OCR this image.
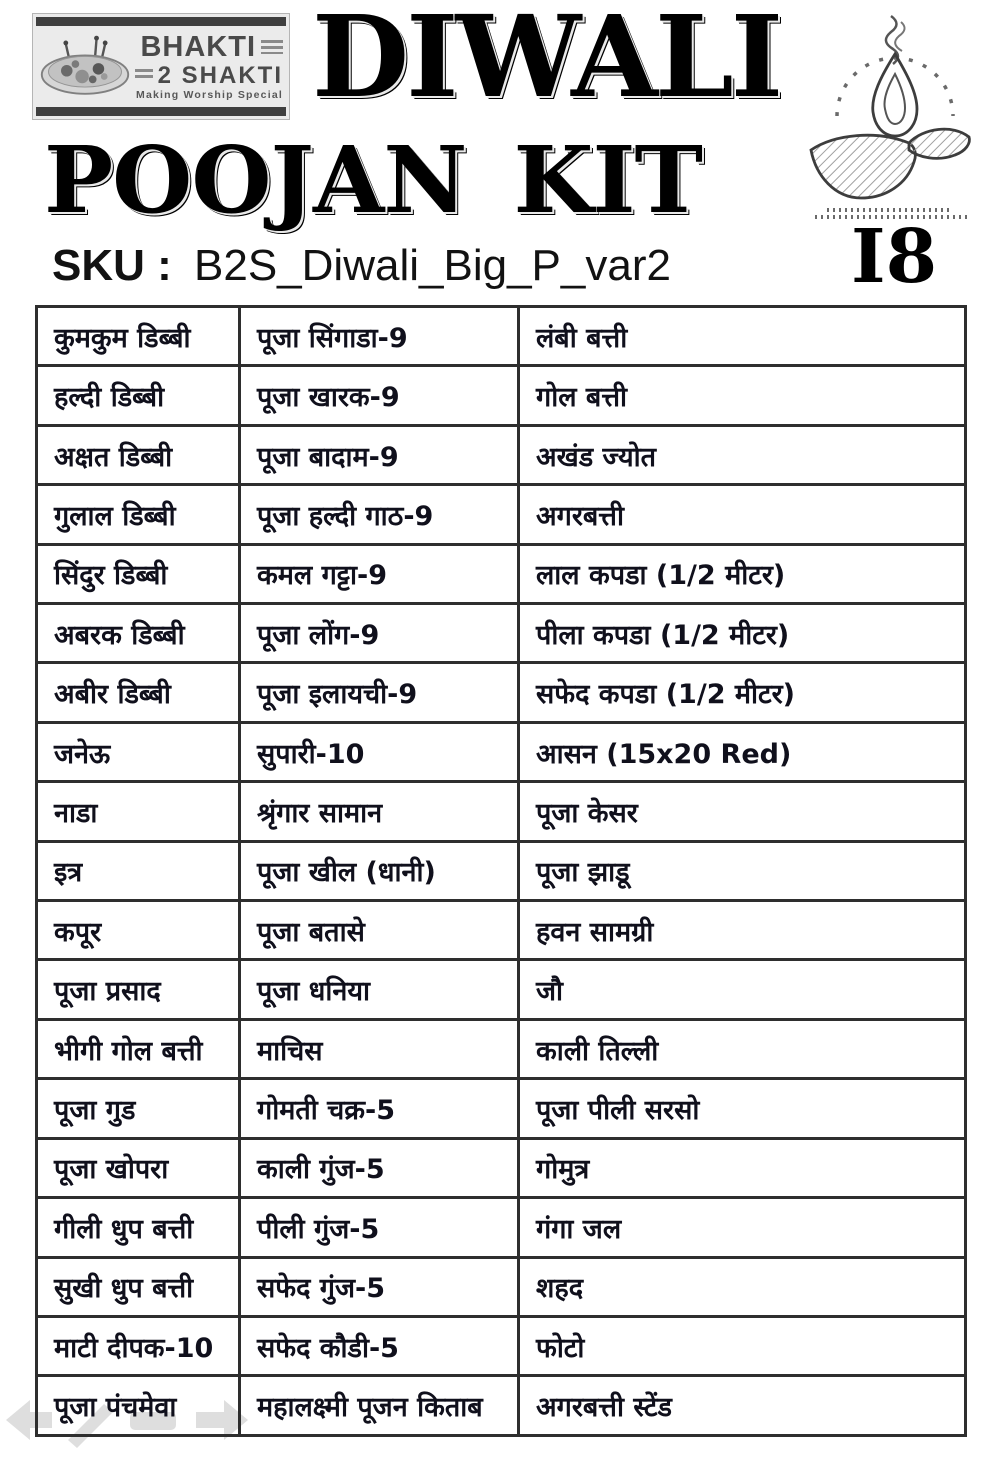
BHAKTI
2 SHAKTI
Making Worship Special DIWALI
POOJAN KIT
I8
SKU : B2S_Diwali_Big_P_var2
कुमकुम डिब्बी	पूजा सिंगाडा-9	लंबी बत्ती
हल्दी डिब्बी	पूजा खारक-9	गोल बत्ती
अक्षत डिब्बी	पूजा बादाम-9	अखंड ज्योत
गुलाल डिब्बी	पूजा हल्दी गाठ-9	अगरबत्ती
सिंदुर डिब्बी	कमल गट्टा-9	लाल कपडा (1/2 मीटर)
अबरक डिब्बी	पूजा लोंग-9	पीला कपडा (1/2 मीटर)
अबीर डिब्बी	पूजा इलायची-9	सफेद कपडा (1/2 मीटर)
जनेऊ	सुपारी-10	आसन (15x20 Red)
नाडा	श्रृंगार सामान	पूजा केसर
इत्र	पूजा खील (धानी)	पूजा झाडू
कपूर	पूजा बतासे	हवन सामग्री
पूजा प्रसाद	पूजा धनिया	जौ
भीगी गोल बत्ती	माचिस	काली तिल्ली
पूजा गुड	गोमती चक्र-5	पूजा पीली सरसो
पूजा खोपरा	काली गुंज-5	गोमुत्र
गीली धुप बत्ती	पीली गुंज-5	गंगा जल
सुखी धुप बत्ती	सफेद गुंज-5	शहद
माटी दीपक-10	सफेद कौडी-5	फोटो
पूजा पंचमेवा	महालक्ष्मी पूजन किताब	अगरबत्ती स्टेंड
